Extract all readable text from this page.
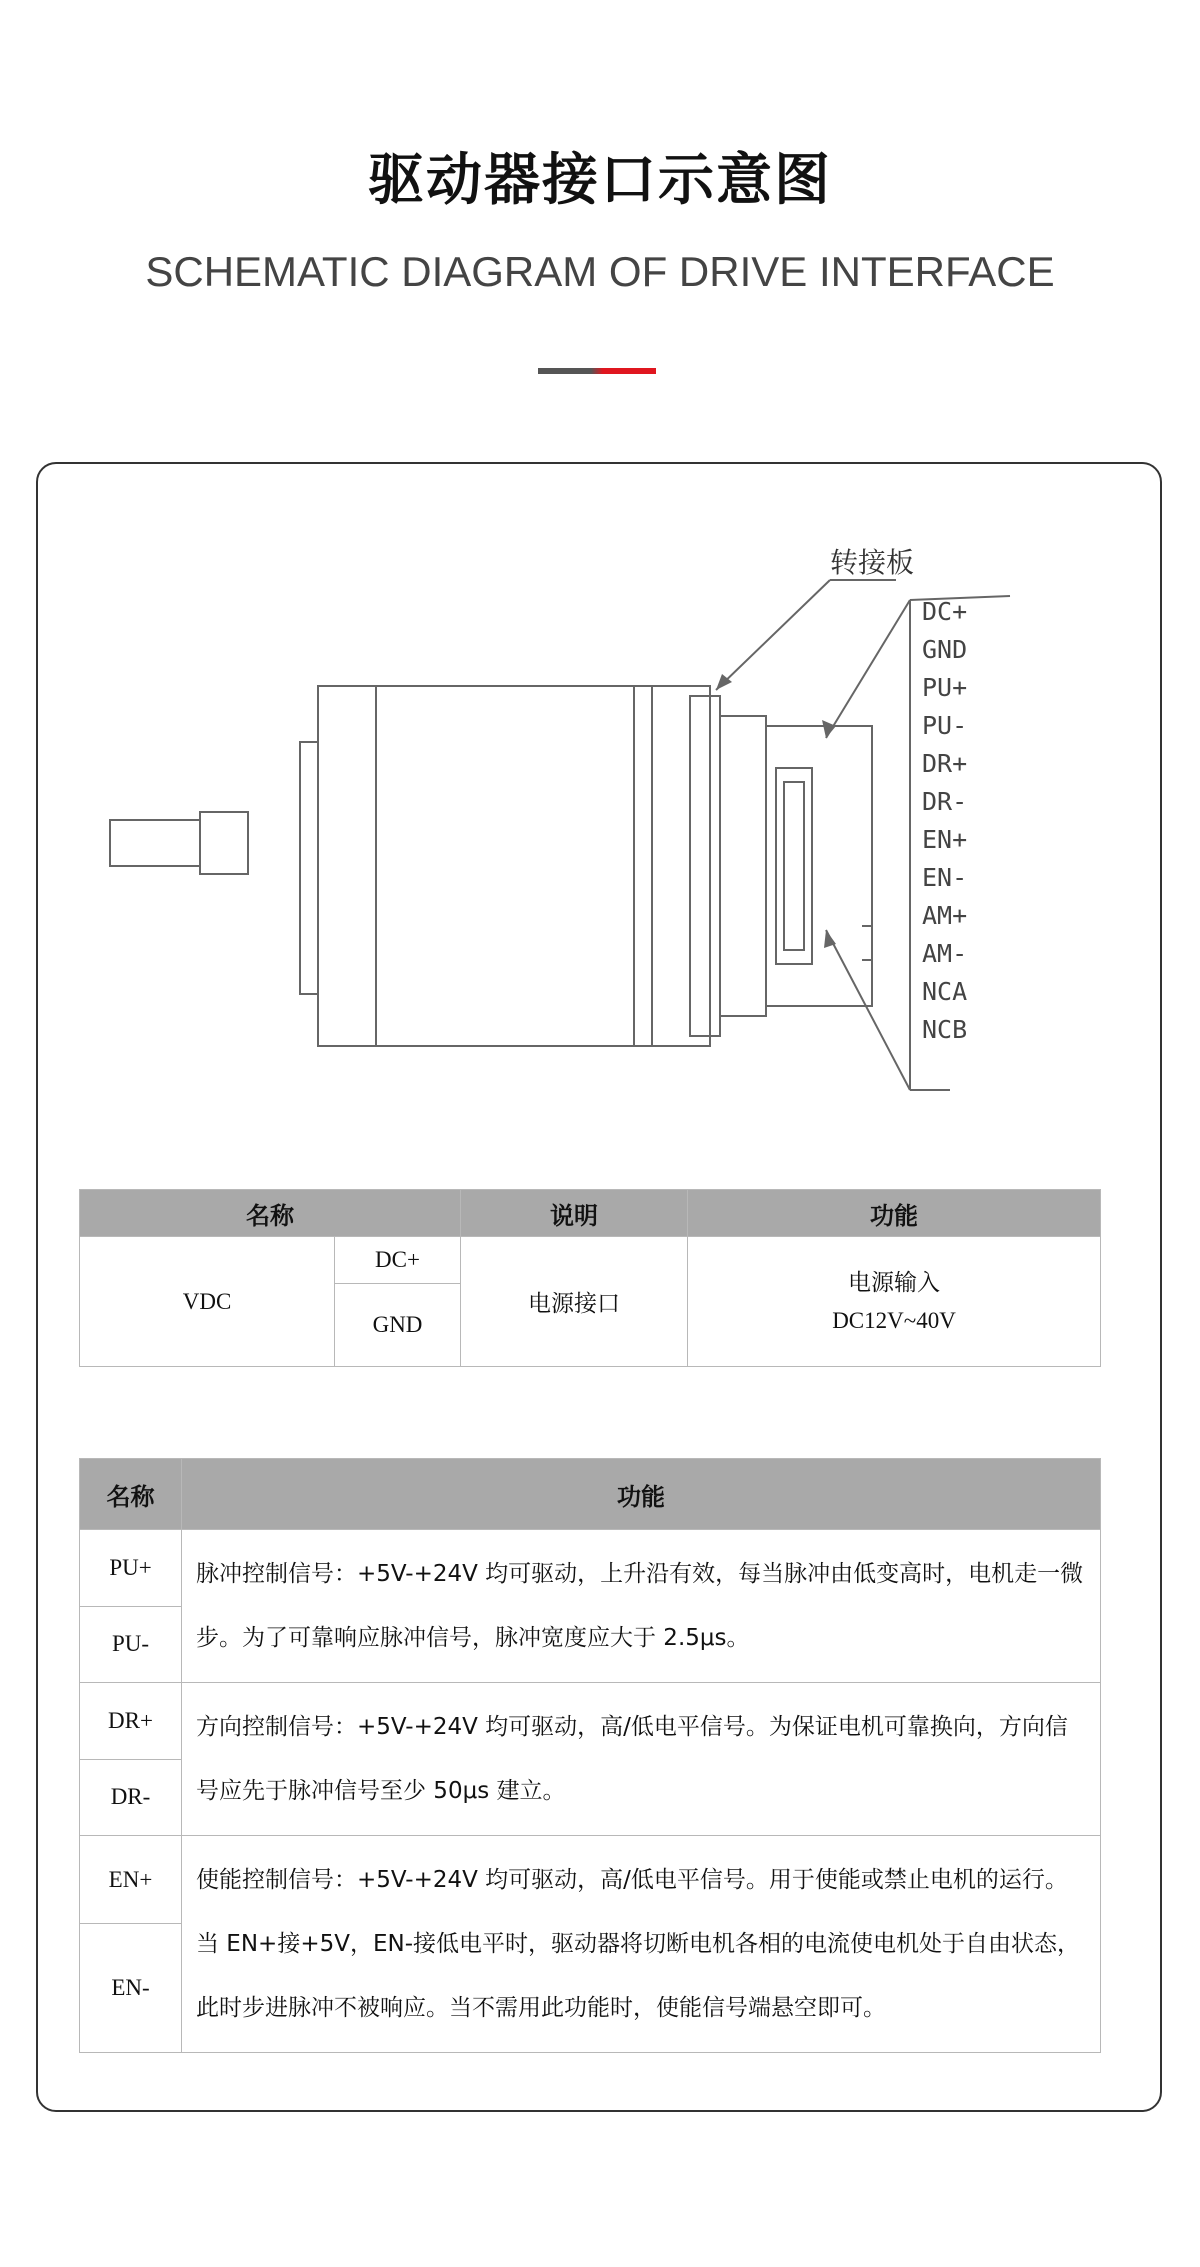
驱动器接口示意图
SCHEMATIC DIAGRAM OF DRIVE INTERFACE
转接板
DC+
GND
PU+
PU-
DR+
DR-
EN+
EN-
AM+
AM-
NCA
NCB
名称		说明	功能
VDC	DC+	电源接口	电源输入
DC12V~40V

	GND		
名称	功能
PU+	脉冲控制信号：+5V-+24V 均可驱动，上升沿有效，每当脉冲由低变高时，电机走一微步。为了可靠响应脉冲信号，脉冲宽度应大于 2.5μs。
PU-	
DR+	方向控制信号：+5V-+24V 均可驱动，高/低电平信号。为保证电机可靠换向，方向信号应先于脉冲信号至少 50μs 建立。
DR-	
EN+	使能控制信号：+5V-+24V 均可驱动，高/低电平信号。用于使能或禁止电机的运行。当 EN+接+5V，EN-接低电平时，驱动器将切断电机各相的电流使电机处于自由状态，此时步进脉冲不被响应。当不需用此功能时，使能信号端悬空即可。
EN-	
